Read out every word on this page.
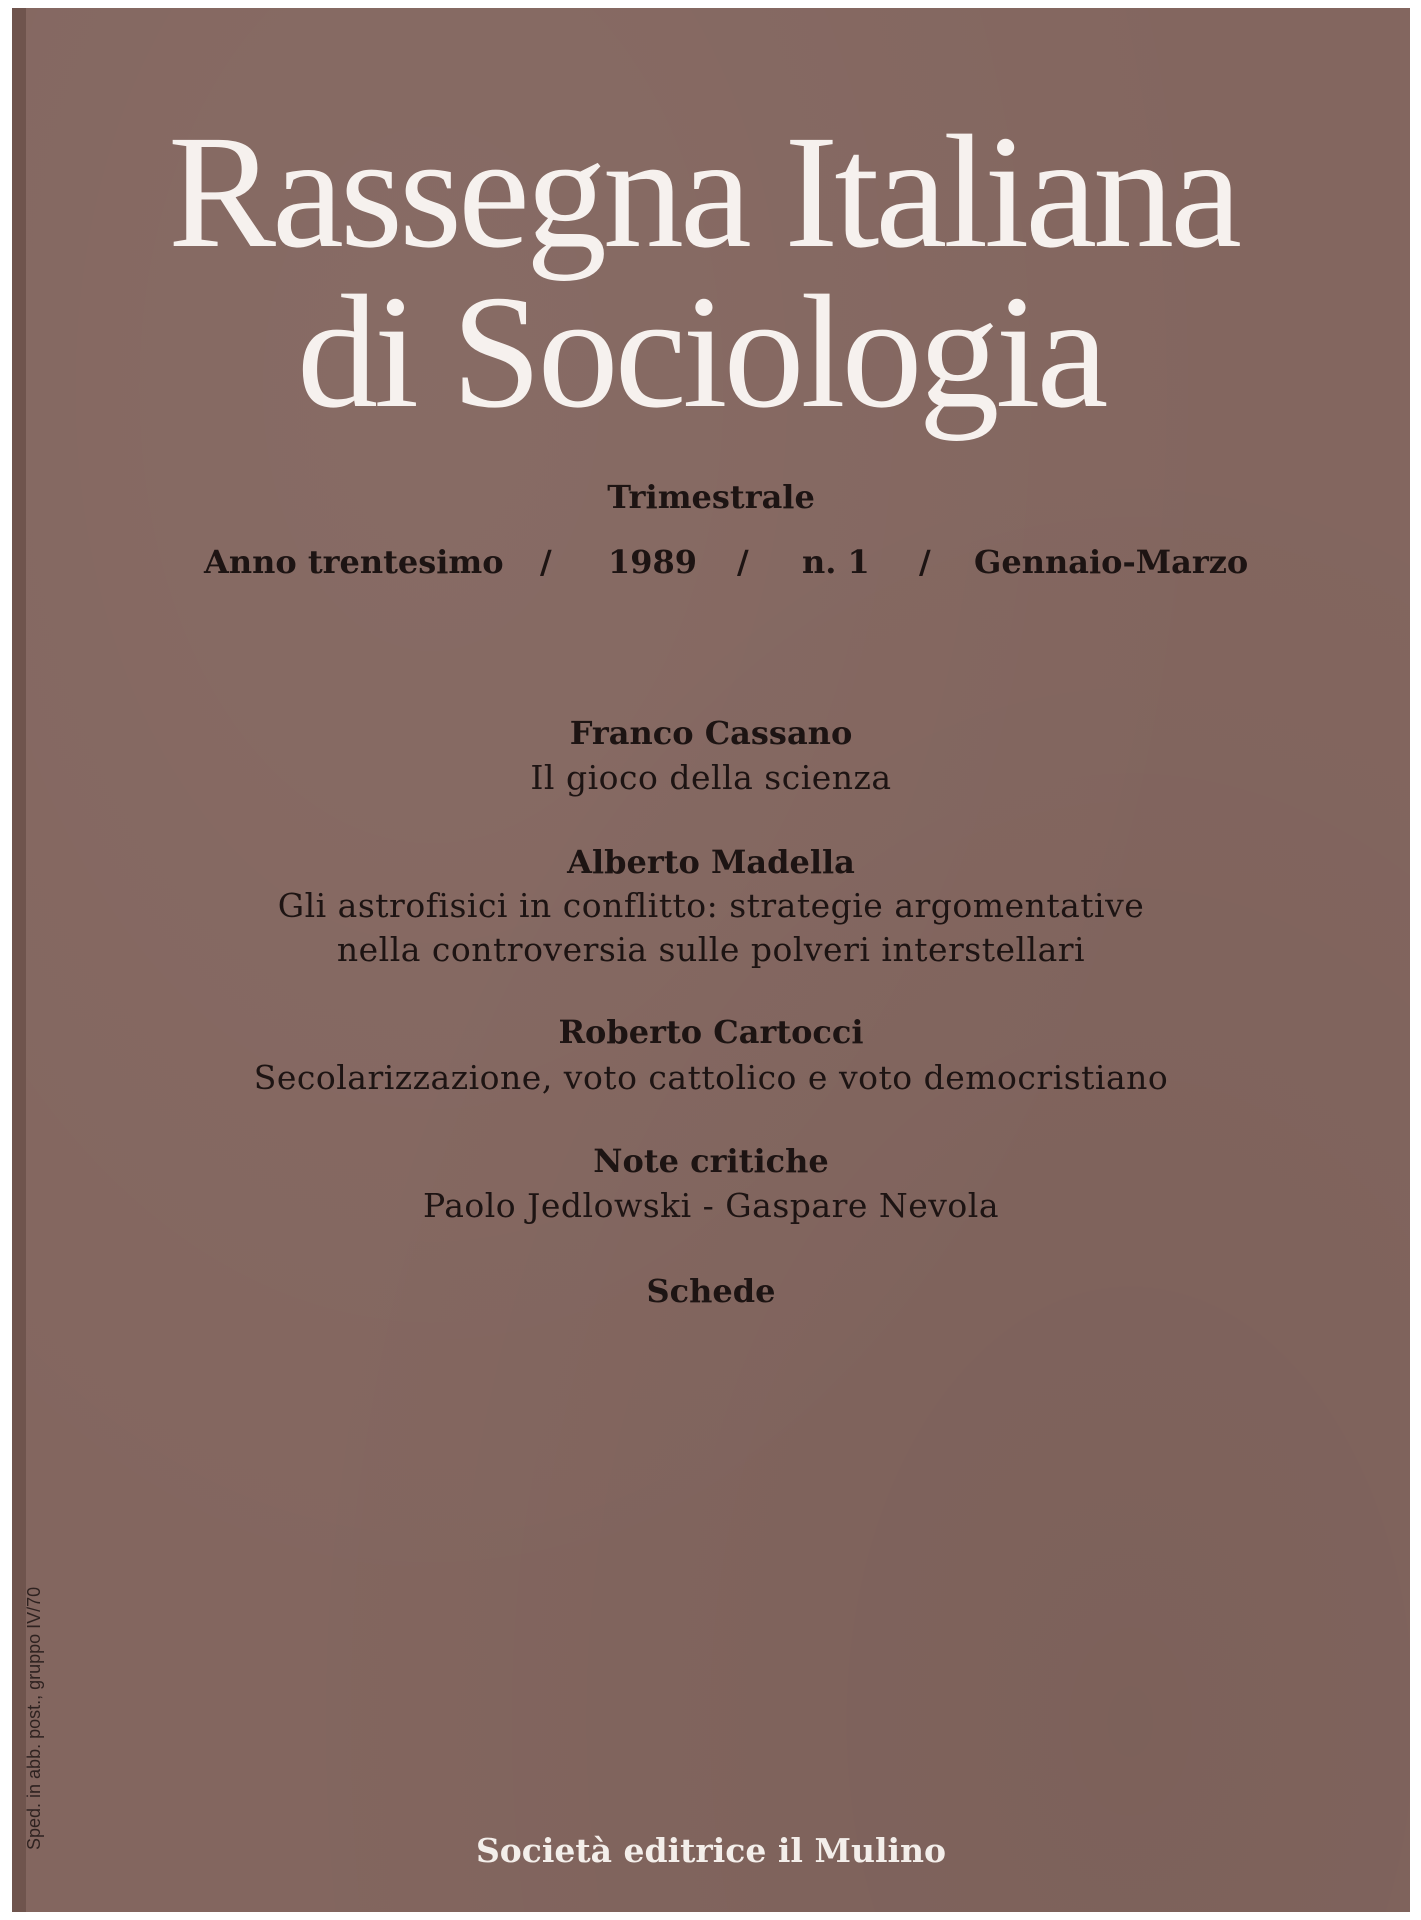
Rassegna Italiana
di Sociologia
Trimestrale
Anno trentesimo / 1989 / n. 1 / Gennaio-Marzo
Franco Cassano
Il gioco della scienza
Alberto Madella
Gli astrofisici in conflitto: strategie argomentative
nella controversia sulle polveri interstellari
Roberto Cartocci
Secolarizzazione, voto cattolico e voto democristiano
Note critiche
Paolo Jedlowski - Gaspare Nevola
Schede
Società editrice il Mulino
Sped. in abb. post., gruppo IV/70
